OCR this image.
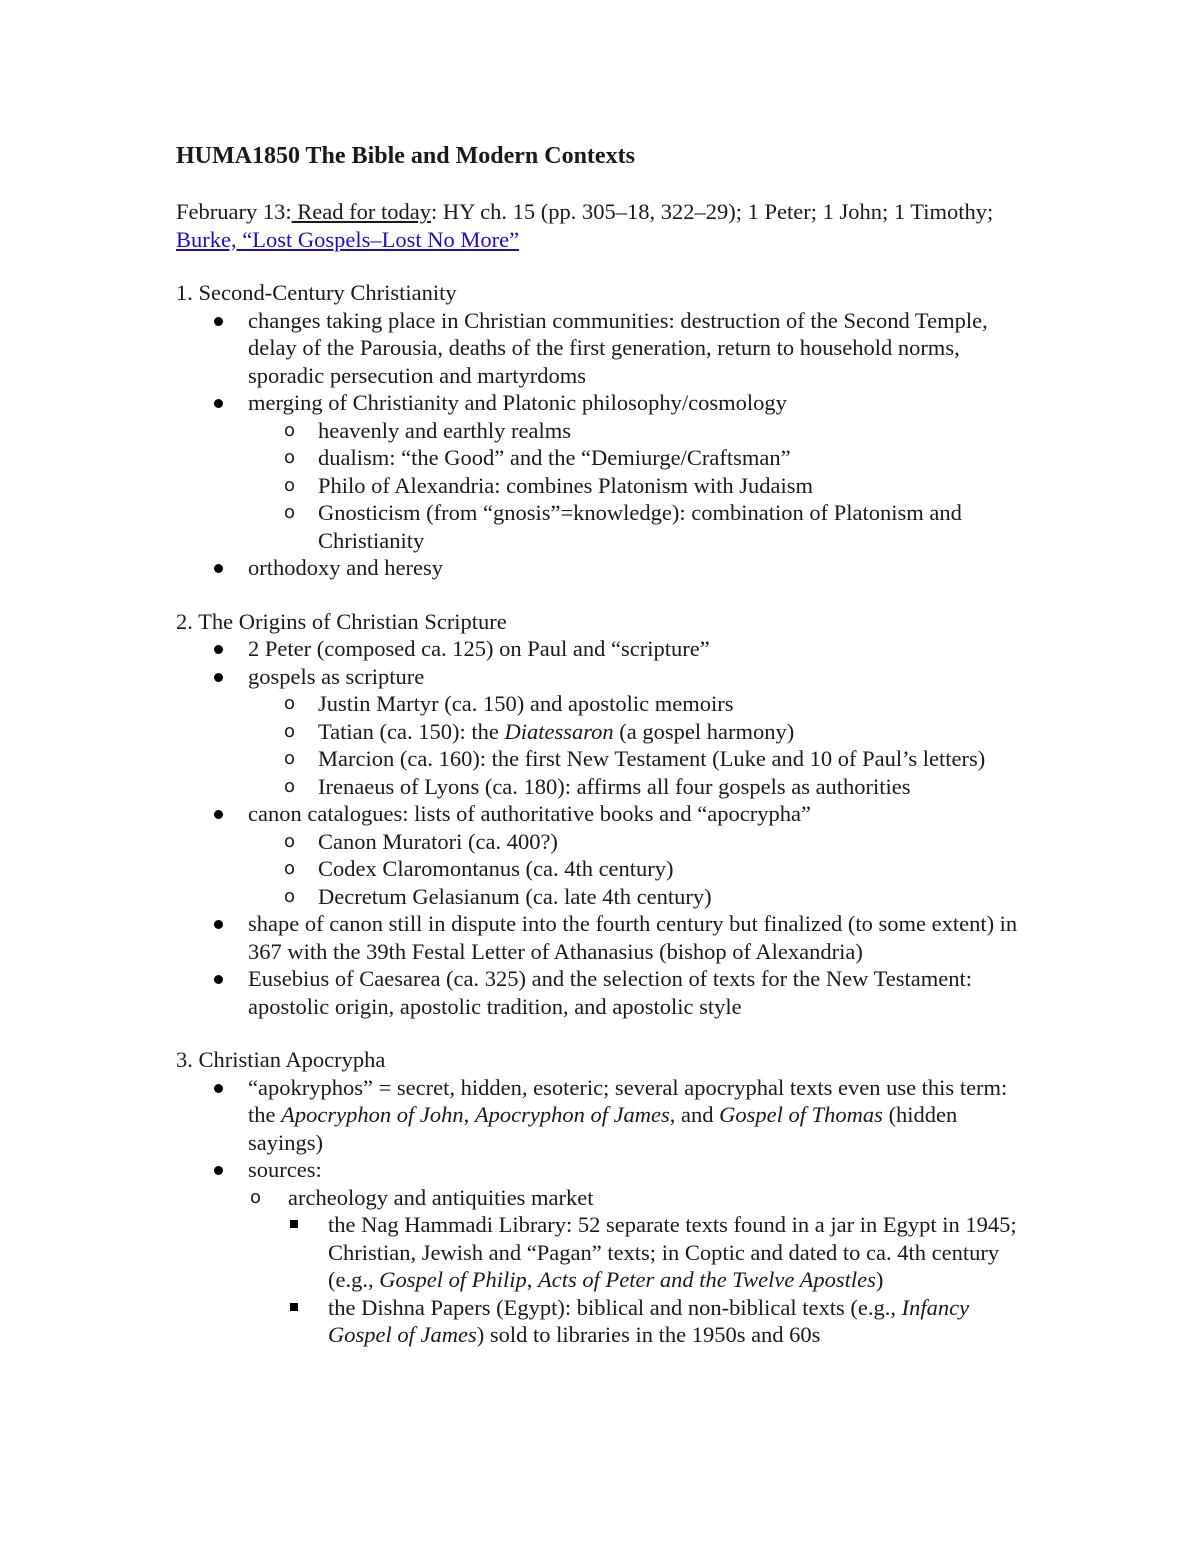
HUMA1850 The Bible and Modern Contexts
February 13: Read for today: HY ch. 15 (pp. 305–18, 322–29); 1 Peter; 1 John; 1 Timothy; Burke, “Lost Gospels–Lost No More”
1. Second-Century Christianity
changes taking place in Christian communities: destruction of the Second Temple, delay of the Parousia, deaths of the first generation, return to household norms, sporadic persecution and martyrdoms
merging of Christianity and Platonic philosophy/cosmology
o	heavenly and earthly realms
o	dualism: “the Good” and the “Demiurge/Craftsman”
o	Philo of Alexandria: combines Platonism with Judaism
o	Gnosticism (from “gnosis”=knowledge): combination of Platonism and Christianity
orthodoxy and heresy
2. The Origins of Christian Scripture
2 Peter (composed ca. 125) on Paul and “scripture”
gospels as scripture
o	Justin Martyr (ca. 150) and apostolic memoirs
o	Tatian (ca. 150): the Diatessaron (a gospel harmony)
o	Marcion (ca. 160): the first New Testament (Luke and 10 of Paul’s letters)
o	Irenaeus of Lyons (ca. 180): affirms all four gospels as authorities
canon catalogues: lists of authoritative books and “apocrypha”
o	Canon Muratori (ca. 400?)
o	Codex Claromontanus (ca. 4th century)
o	Decretum Gelasianum (ca. late 4th century)
shape of canon still in dispute into the fourth century but finalized (to some extent) in 367 with the 39th Festal Letter of Athanasius (bishop of Alexandria)
Eusebius of Caesarea (ca. 325) and the selection of texts for the New Testament: apostolic origin, apostolic tradition, and apostolic style
3. Christian Apocrypha
“apokryphos” = secret, hidden, esoteric; several apocryphal texts even use this term: the Apocryphon of John, Apocryphon of James, and Gospel of Thomas (hidden sayings)
sources:
o	archeology and antiquities market
the Nag Hammadi Library: 52 separate texts found in a jar in Egypt in 1945; Christian, Jewish and “Pagan” texts; in Coptic and dated to ca. 4th century (e.g., Gospel of Philip, Acts of Peter and the Twelve Apostles)
the Dishna Papers (Egypt): biblical and non-biblical texts (e.g., Infancy Gospel of James) sold to libraries in the 1950s and 60s
